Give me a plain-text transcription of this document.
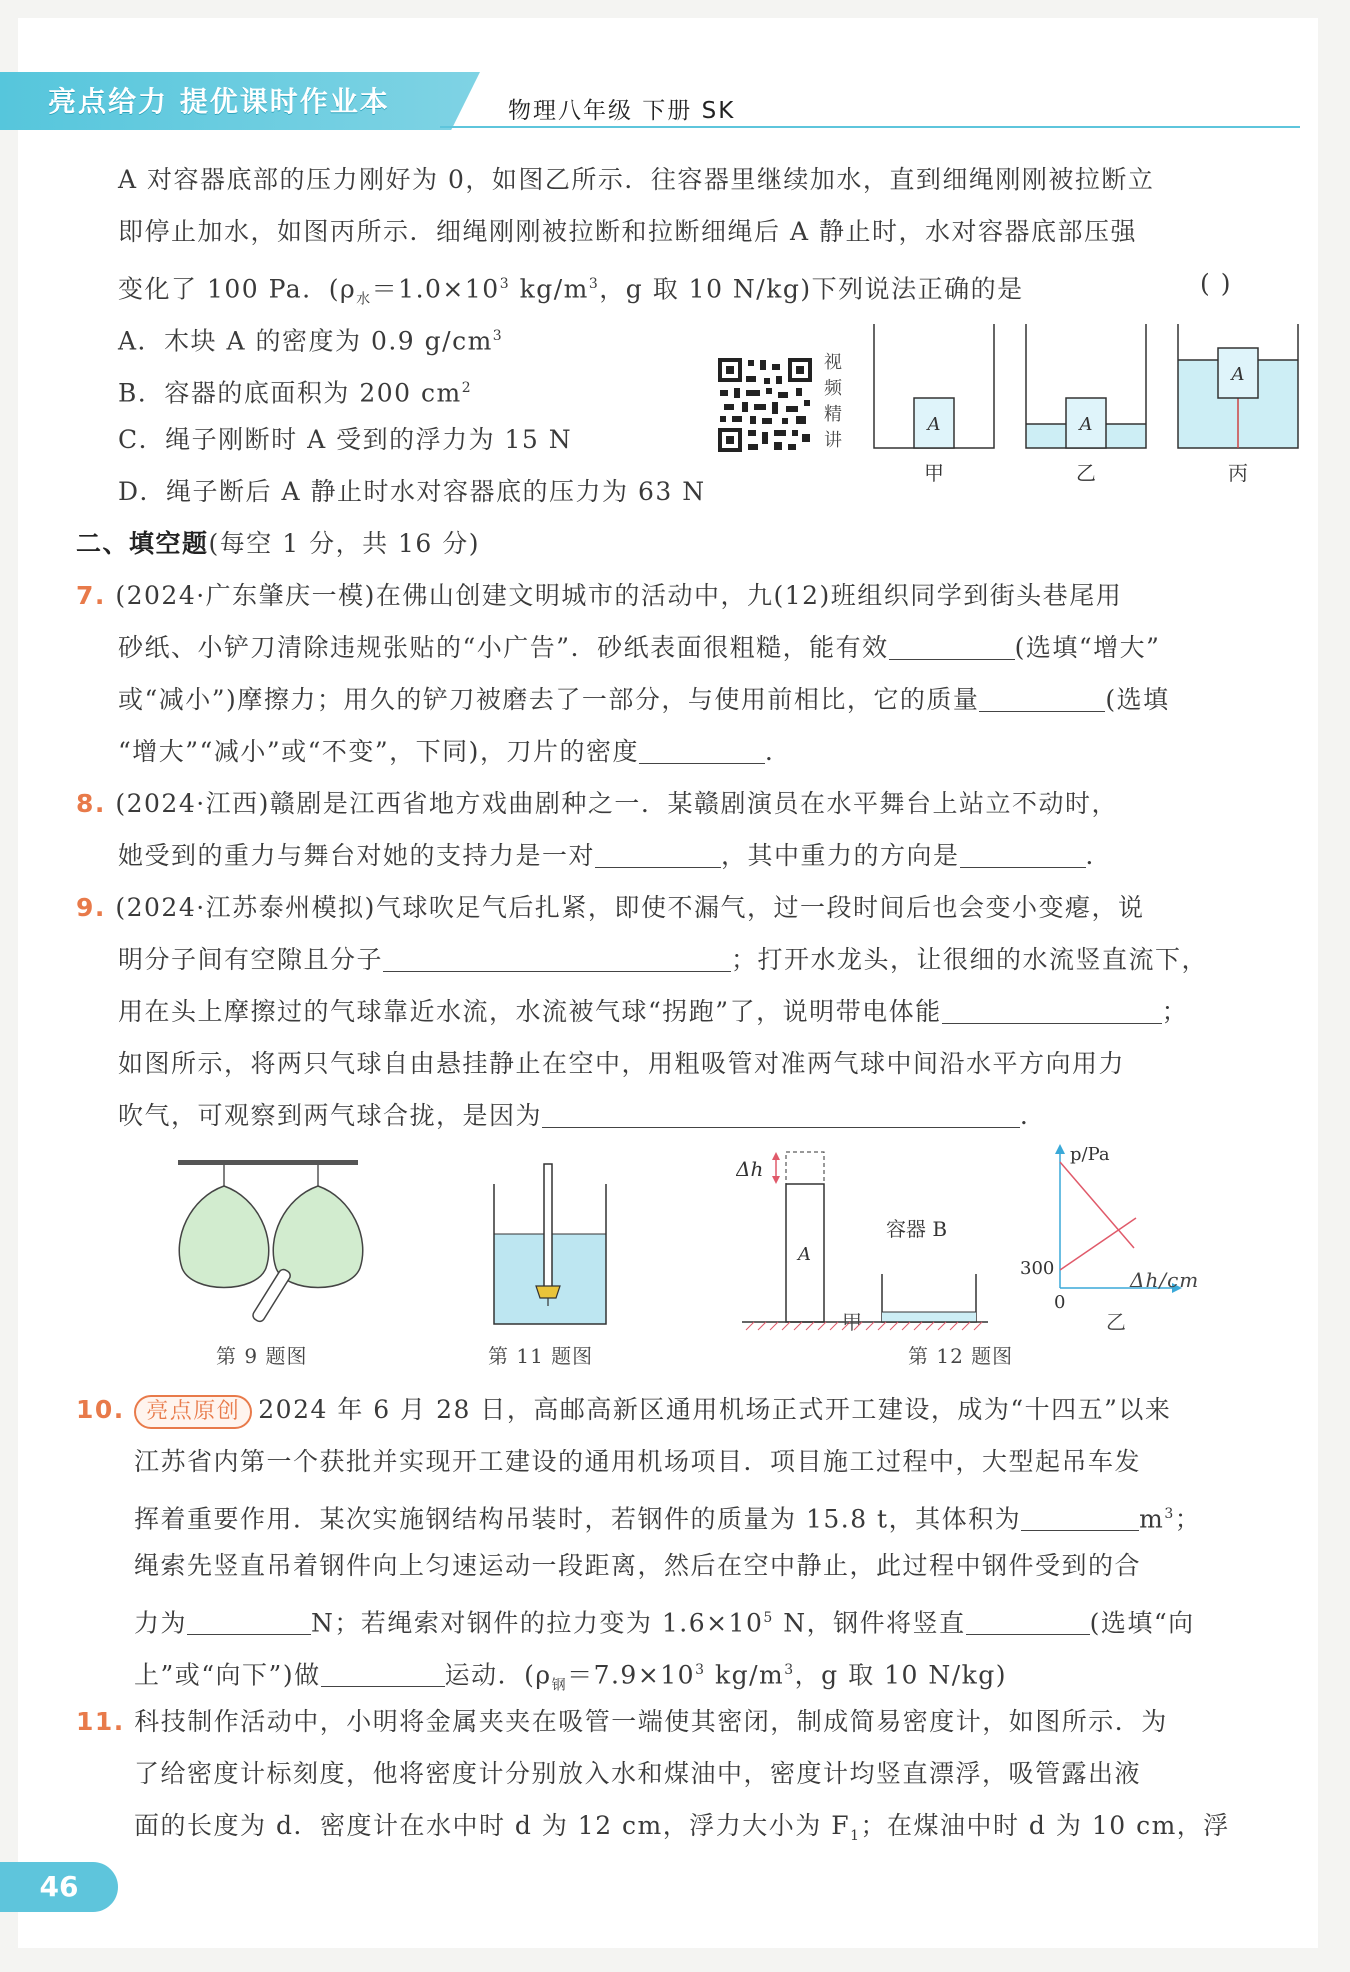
亮点给力 提优课时作业本	物理八年级 下册 SK
A 对容器底部的压力刚好为 0，如图乙所示．往容器里继续加水，直到细绳刚刚被拉断立
即停止加水，如图丙所示．细绳刚刚被拉断和拉断细绳后 A 静止时，水对容器底部压强
变化了 100 Pa．($\rho_水=1.0\times 10^3$ $kg/m^3$，g 取 10 N/kg)下列说法正确的是	( )
A．木块 A 的密度为 0.9 $g/cm^3$
B．容器的底面积为 200 $cm^2$
C．绳子刚断时 A 受到的浮力为 15 N
D．绳子断后 A 静止时水对容器底的压力为 63 N
视频精讲
A	A
A
甲	乙	丙
二、填空题(每空 1 分，共 16 分)
7. (2024·广东肇庆一模)在佛山创建文明城市的活动中，九(12)班组织同学到街头巷尾用
砂纸、小铲刀清除违规张贴的“小广告”．砂纸表面很粗糙，能有效	(选填“增大”
或“减小”)摩擦力；用久的铲刀被磨去了一部分，与使用前相比，它的质量	(选填
“增大”“减小”或“不变”，下同)，刀片的密度	．
8. (2024·江西)赣剧是江西省地方戏曲剧种之一．某赣剧演员在水平舞台上站立不动时，
她受到的重力与舞台对她的支持力是一对	，其中重力的方向是	．
9. (2024·江苏泰州模拟)气球吹足气后扎紧，即使不漏气，过一段时间后也会变小变瘪，说
明分子间有空隙且分子	；打开水龙头，让很细的水流竖直流下，
用在头上摩擦过的气球靠近水流，水流被气球“拐跑”了，说明带电体能	；
如图所示，将两只气球自由悬挂静止在空中，用粗吸管对准两气球中间沿水平方向用力
吹气，可观察到两气球合拢，是因为	．
第 9 题图	第 11 题图
Δh
A
容器 B
p/Pa
300
0
Δh/cm
甲	乙
第 12 题图
10. 亮点原创 2024 年 6 月 28 日，高邮高新区通用机场正式开工建设，成为“十四五”以来
江苏省内第一个获批并实现开工建设的通用机场项目．项目施工过程中，大型起吊车发
挥着重要作用．某次实施钢结构吊装时，若钢件的质量为 15.8 t，其体积为	$m^3$；
绳索先竖直吊着钢件向上匀速运动一段距离，然后在空中静止，此过程中钢件受到的合
力为	N；若绳索对钢件的拉力变为 $1.6\times 10^5$ N，钢件将竖直	(选填“向
上”或“向下”)做	运动．($\rho_钢=7.9\times 10^3$ $kg/m^3$，g 取 10 N/kg)
11. 科技制作活动中，小明将金属夹夹在吸管一端使其密闭，制成简易密度计，如图所示．为
了给密度计标刻度，他将密度计分别放入水和煤油中，密度计均竖直漂浮，吸管露出液
面的长度为 d．密度计在水中时 d 为 12 cm，浮力大小为 $F_1$；在煤油中时 d 为 10 cm，浮
46
